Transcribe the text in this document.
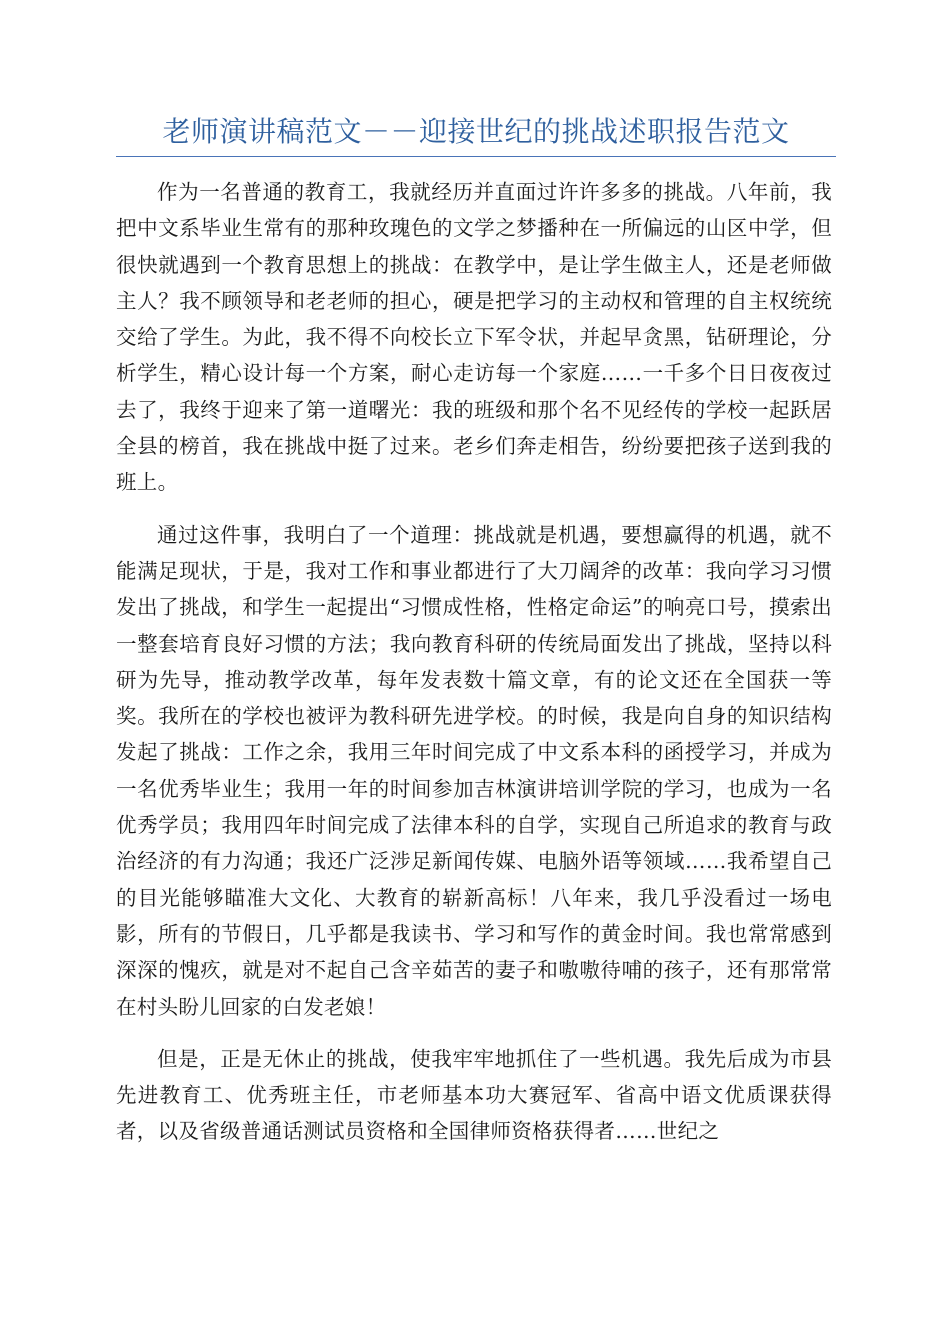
老师演讲稿范文－－迎接世纪的挑战述职报告范文

作为一名普通的教育工，我就经历并直面过许许多多的挑战。八年前，我把中文系毕业生常有的那种玫瑰色的文学之梦播种在一所偏远的山区中学，但很快就遇到一个教育思想上的挑战：在教学中，是让学生做主人，还是老师做主人？我不顾领导和老老师的担心，硬是把学习的主动权和管理的自主权统统交给了学生。为此，我不得不向校长立下军令状，并起早贪黑，钻研理论，分析学生，精心设计每一个方案，耐心走访每一个家庭……一千多个日日夜夜过去了，我终于迎来了第一道曙光：我的班级和那个名不见经传的学校一起跃居全县的榜首，我在挑战中挺了过来。老乡们奔走相告，纷纷要把孩子送到我的班上。

通过这件事，我明白了一个道理：挑战就是机遇，要想赢得的机遇，就不能满足现状，于是，我对工作和事业都进行了大刀阔斧的改革：我向学习习惯发出了挑战，和学生一起提出“习惯成性格，性格定命运”的响亮口号，摸索出一整套培育良好习惯的方法；我向教育科研的传统局面发出了挑战，坚持以科研为先导，推动教学改革，每年发表数十篇文章，有的论文还在全国获一等奖。我所在的学校也被评为教科研先进学校。的时候，我是向自身的知识结构发起了挑战：工作之余，我用三年时间完成了中文系本科的函授学习，并成为一名优秀毕业生；我用一年的时间参加吉林演讲培训学院的学习，也成为一名优秀学员；我用四年时间完成了法律本科的自学，实现自己所追求的教育与政治经济的有力沟通；我还广泛涉足新闻传媒、电脑外语等领域……我希望自己的目光能够瞄准大文化、大教育的崭新高标！八年来，我几乎没看过一场电影，所有的节假日，几乎都是我读书、学习和写作的黄金时间。我也常常感到深深的愧疚，就是对不起自己含辛茹苦的妻子和嗷嗷待哺的孩子，还有那常常在村头盼儿回家的白发老娘！

但是，正是无休止的挑战，使我牢牢地抓住了一些机遇。我先后成为市县先进教育工、优秀班主任，市老师基本功大赛冠军、省高中语文优质课获得者，以及省级普通话测试员资格和全国律师资格获得者……世纪之
